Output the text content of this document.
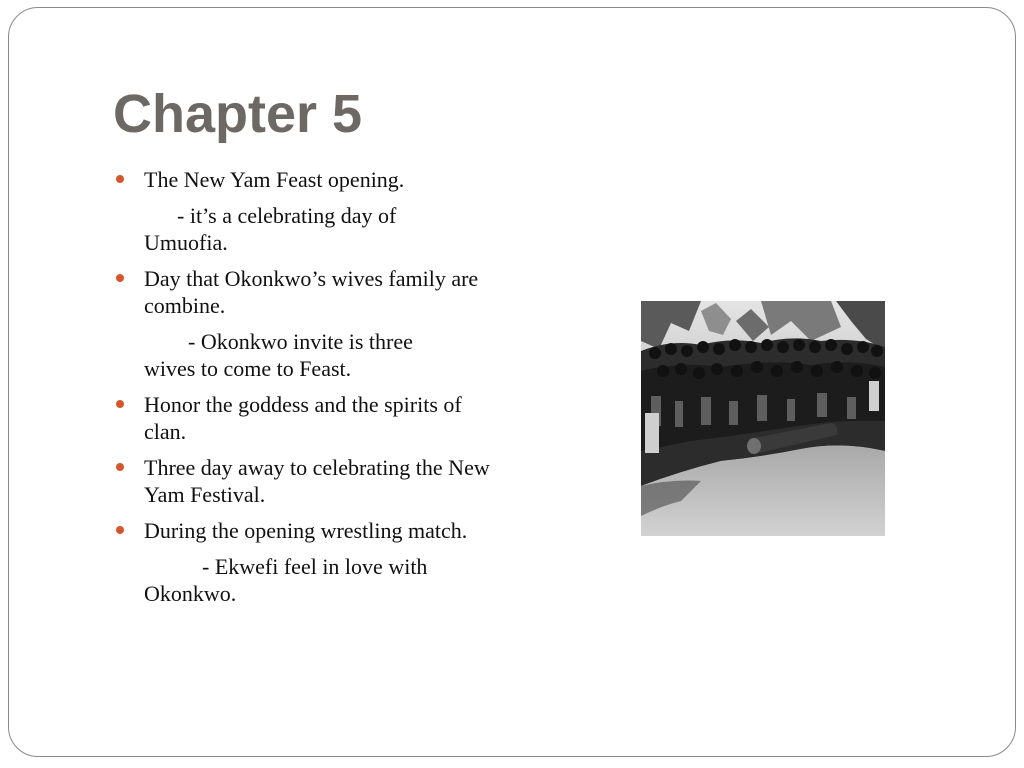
Chapter 5

The New Yam Feast opening.

- it’s a celebrating day of
Umuofia.

Day that Okonkwo’s wives family are combine.

- Okonkwo invite is three
wives to come to Feast.

Honor the goddess and the spirits of clan.

Three day away to celebrating the New Yam Festival.

During the opening wrestling match.

- Ekwefi feel in love with
Okonkwo.
